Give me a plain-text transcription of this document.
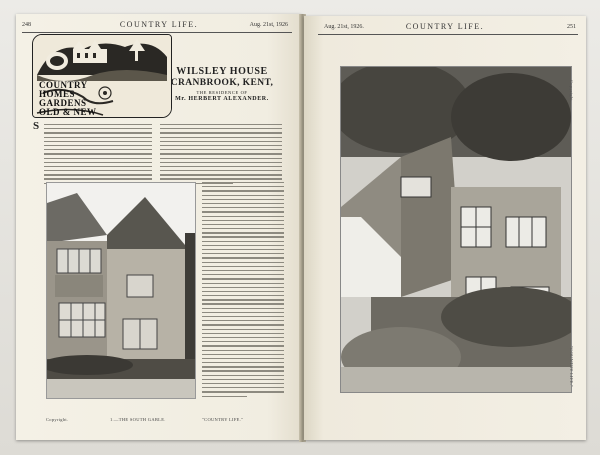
248	COUNTRY LIFE.	Aug. 21st, 1926
COUNTRY
HOMES
GARDENS
OLD & NEW
WILSLEY HOUSE
CRANBROOK, KENT,
THE RESIDENCE OF
Mr. HERBERT ALEXANDER.
S
Copyright.	1.—THE SOUTH GABLE.	"COUNTRY LIFE."
Aug. 21st, 1926.	COUNTRY LIFE.	251
Copyright.
"COUNTRY LIFE."
